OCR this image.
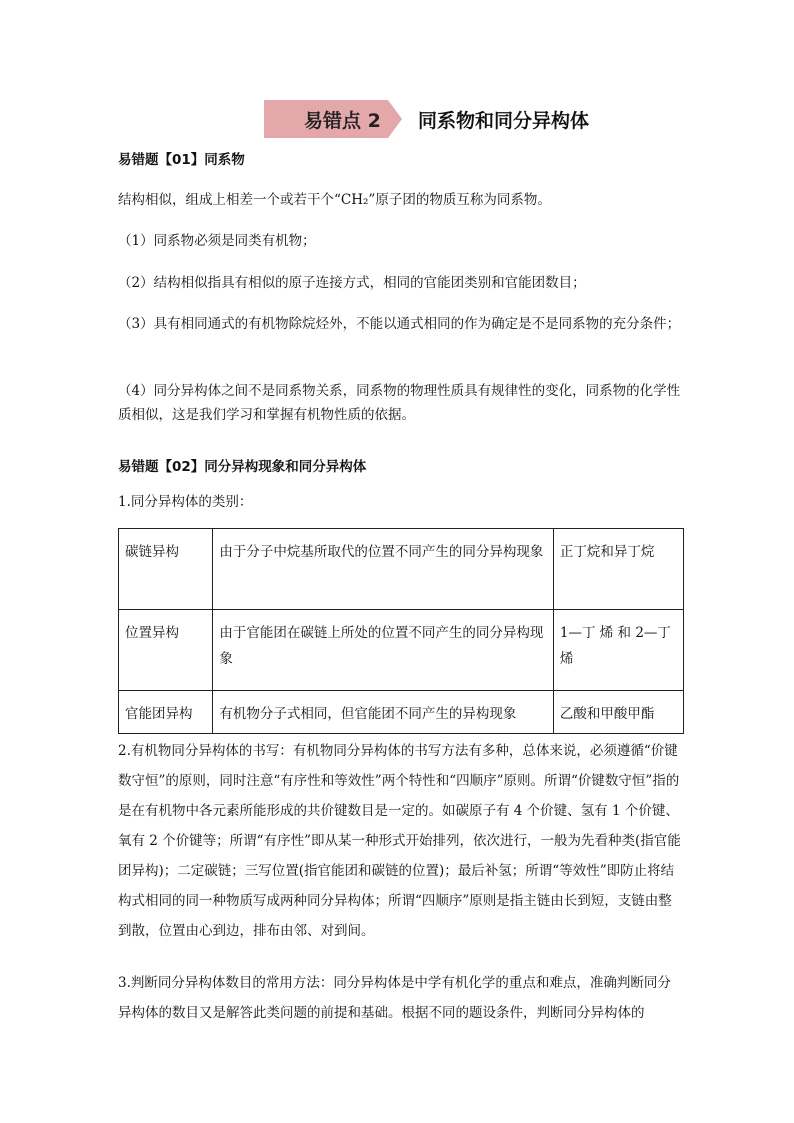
易错点 2	同系物和同分异构体
易错题【01】同系物
结构相似，组成上相差一个或若干个“CH₂”原子团的物质互称为同系物。
（1）同系物必须是同类有机物；
（2）结构相似指具有相似的原子连接方式，相同的官能团类别和官能团数目；
（3）具有相同通式的有机物除烷烃外，不能以通式相同的作为确定是不是同系物的充分条件；
（4）同分异构体之间不是同系物关系，同系物的物理性质具有规律性的变化，同系物的化学性质相似，这是我们学习和掌握有机物性质的依据。
易错题【02】同分异构现象和同分异构体
1.同分异构体的类别：
碳链异构	由于分子中烷基所取代的位置不同产生的同分异构现象	正丁烷和异丁烷
位置异构	由于官能团在碳链上所处的位置不同产生的同分异构现象	1—丁 烯 和 2—丁烯
官能团异构	有机物分子式相同，但官能团不同产生的异构现象	乙酸和甲酸甲酯
2.有机物同分异构体的书写：有机物同分异构体的书写方法有多种，总体来说，必须遵循“价键数守恒”的原则，同时注意“有序性和等效性”两个特性和“四顺序”原则。所谓“价键数守恒”指的是在有机物中各元素所能形成的共价键数目是一定的。如碳原子有 4 个价键、氢有 1 个价键、氧有 2 个价键等；所谓“有序性”即从某一种形式开始排列，依次进行，一般为先看种类(指官能团异构)；二定碳链；三写位置(指官能团和碳链的位置)；最后补氢；所谓“等效性”即防止将结构式相同的同一种物质写成两种同分异构体；所谓“四顺序”原则是指主链由长到短，支链由整到散，位置由心到边，排布由邻、对到间。
3.判断同分异构体数目的常用方法：同分异构体是中学有机化学的重点和难点，准确判断同分异构体的数目又是解答此类问题的前提和基础。根据不同的题设条件，判断同分异构体的
